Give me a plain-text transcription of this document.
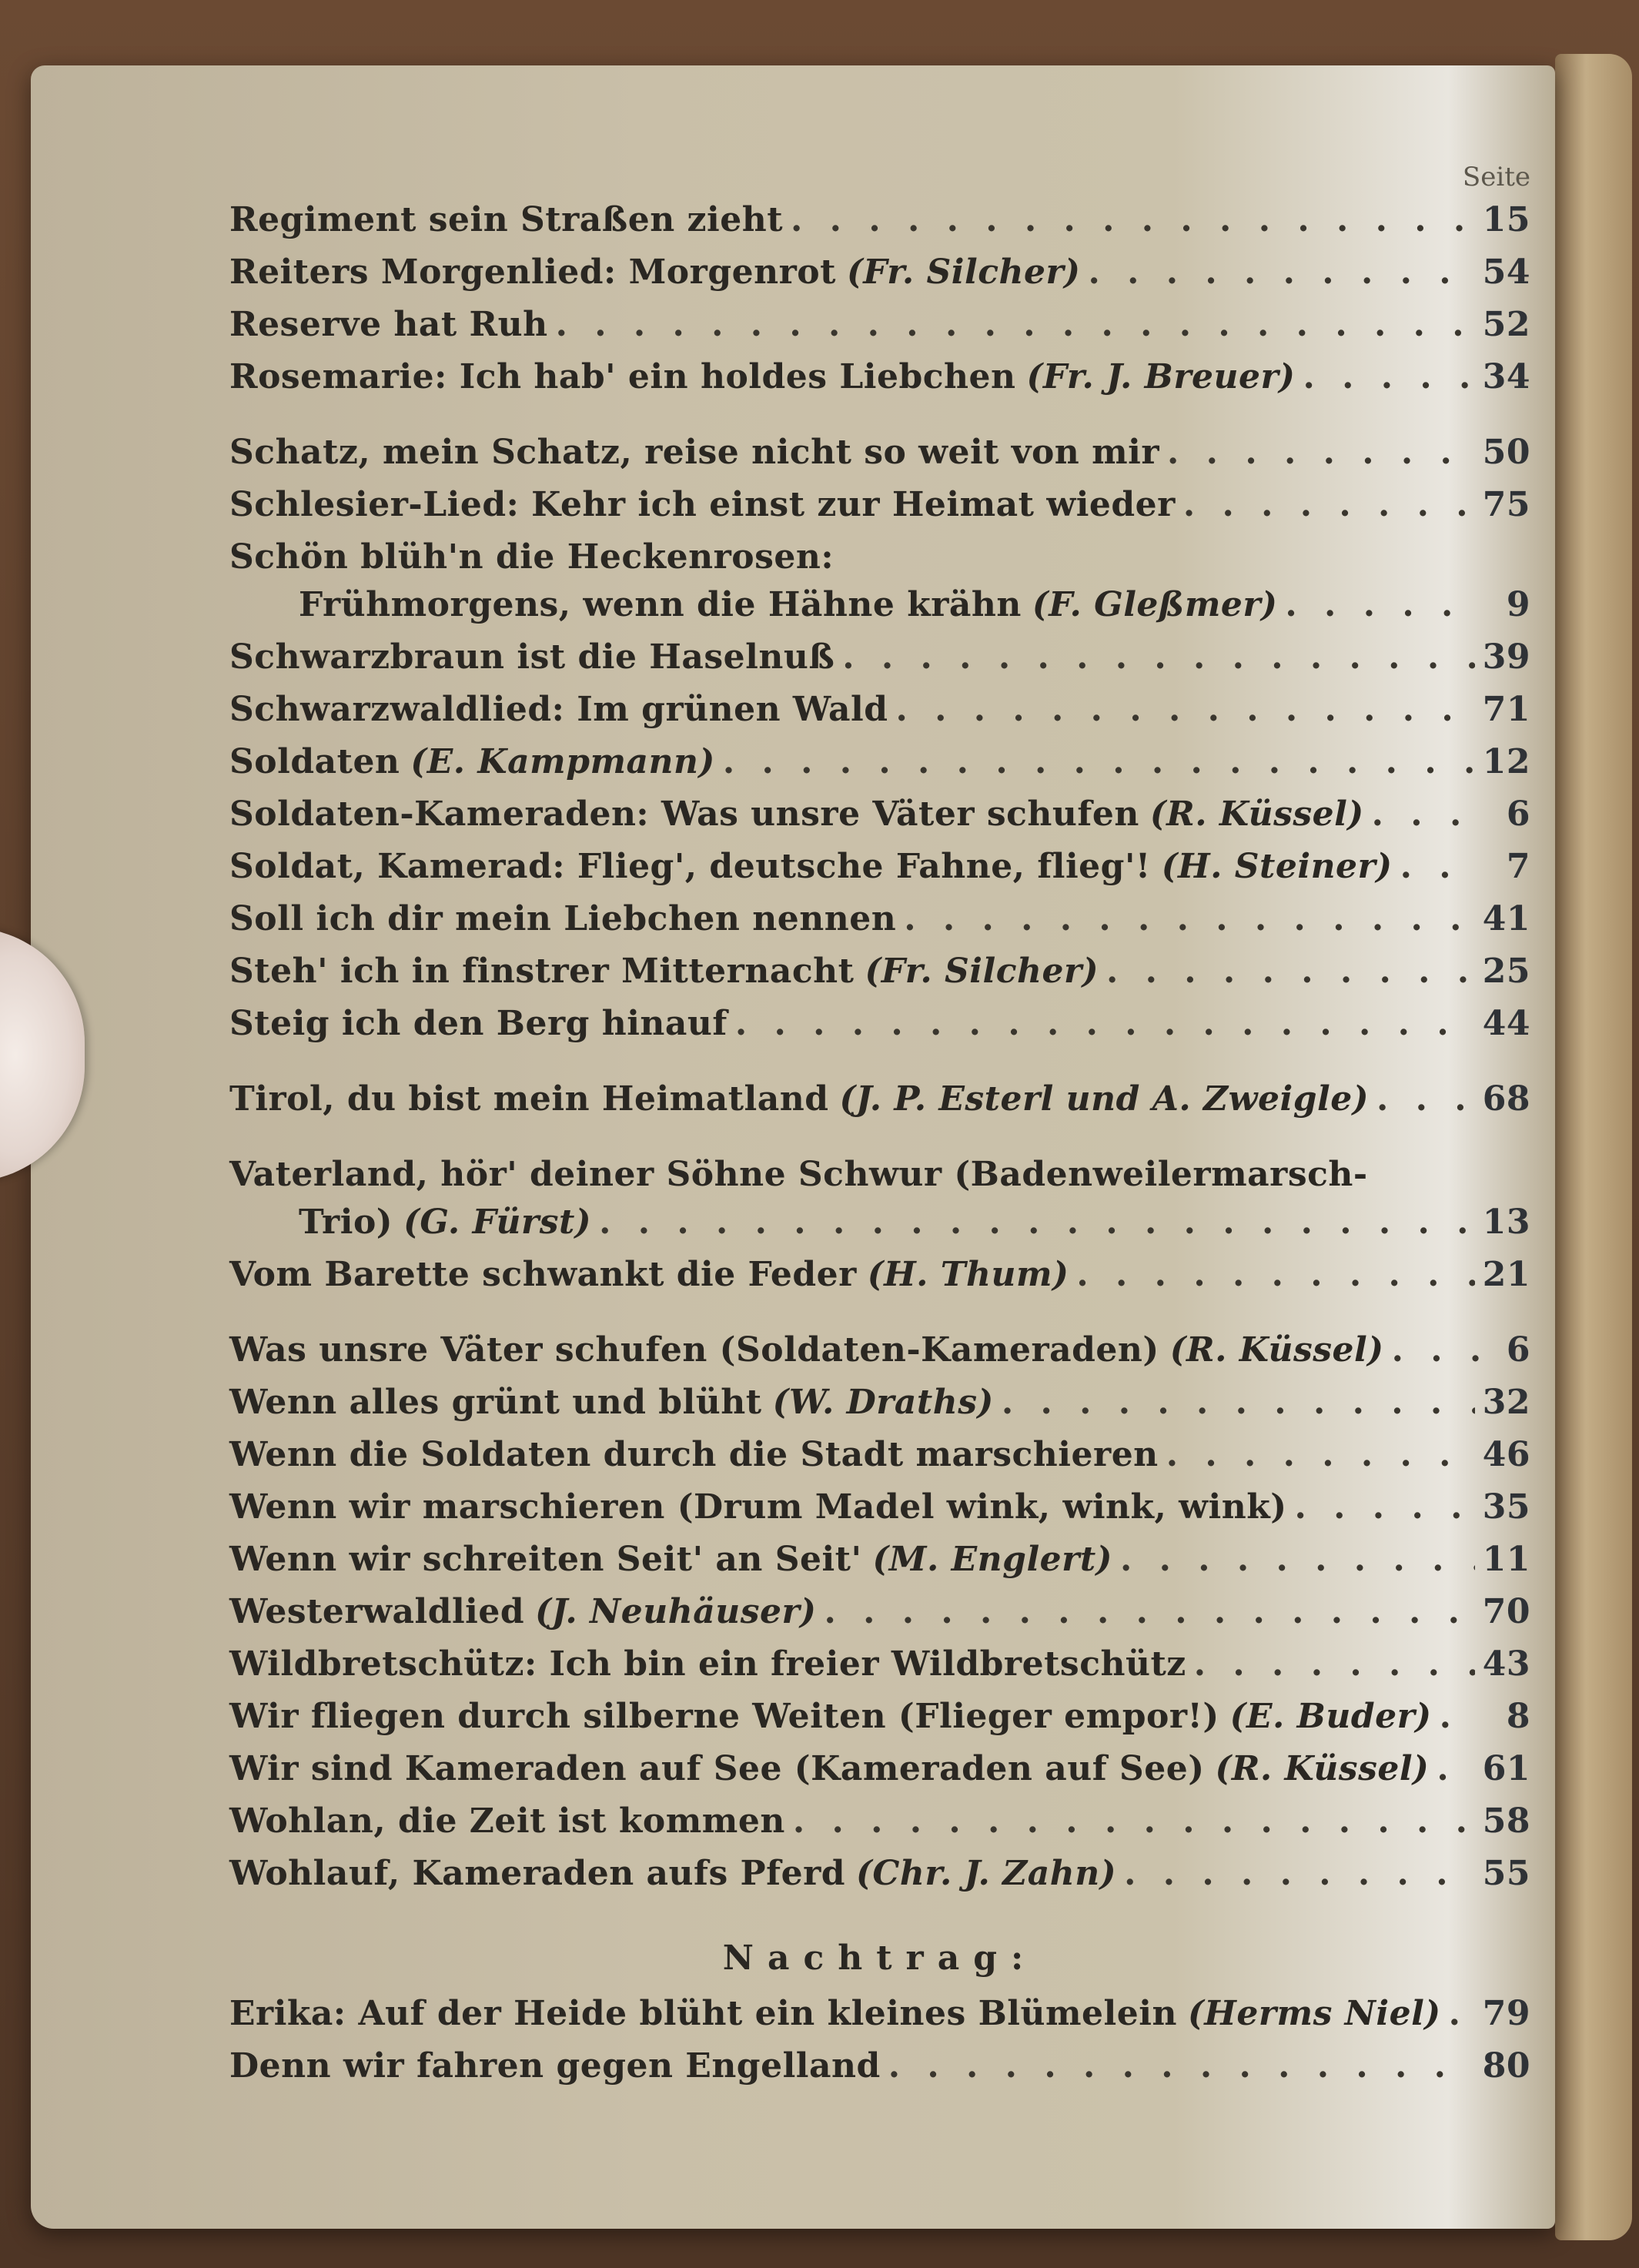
Seite
Regiment sein Straßen zieht . . .	15
Reiters Morgenlied: Morgenrot (Fr. Silcher) . . .	54
Reserve hat Ruh . . .	52
Rosemarie: Ich hab' ein holdes Liebchen (Fr. J. Breuer) . . .	34
Schatz, mein Schatz, reise nicht so weit von mir . . .	50
Schlesier-Lied: Kehr ich einst zur Heimat wieder . . .	75
Schön blüh'n die Heckenrosen:
Frühmorgens, wenn die Hähne krähn (F. Gleßmer) . . .	9
Schwarzbraun ist die Haselnuß . . .	39
Schwarzwaldlied: Im grünen Wald . . .	71
Soldaten (E. Kampmann) . . .	12
Soldaten-Kameraden: Was unsre Väter schufen (R. Küssel) . . .	6
Soldat, Kamerad: Flieg', deutsche Fahne, flieg'! (H. Steiner) . . .	7
Soll ich dir mein Liebchen nennen . . .	41
Steh' ich in finstrer Mitternacht (Fr. Silcher) . . .	25
Steig ich den Berg hinauf . . .	44
Tirol, du bist mein Heimatland (J. P. Esterl und A. Zweigle) . . .	68
Vaterland, hör' deiner Söhne Schwur (Badenweilermarsch-
Trio) (G. Fürst) . . .	13
Vom Barette schwankt die Feder (H. Thum) . . .	21
Was unsre Väter schufen (Soldaten-Kameraden) (R. Küssel) . . .	6
Wenn alles grünt und blüht (W. Draths) . . .	32
Wenn die Soldaten durch die Stadt marschieren . . .	46
Wenn wir marschieren (Drum Madel wink, wink, wink) . . .	35
Wenn wir schreiten Seit' an Seit' (M. Englert) . . .	11
Westerwaldlied (J. Neuhäuser) . . .	70
Wildbretschütz: Ich bin ein freier Wildbretschütz . . .	43
Wir fliegen durch silberne Weiten (Flieger empor!) (E. Buder) . . .	8
Wir sind Kameraden auf See (Kameraden auf See) (R. Küssel) . . . 61
Wohlan, die Zeit ist kommen . . .	58
Wohlauf, Kameraden aufs Pferd (Chr. J. Zahn) . . .	55
Nachtrag:
Erika: Auf der Heide blüht ein kleines Blümelein (Herms Niel) . . . 79
Denn wir fahren gegen Engelland . . .	80
